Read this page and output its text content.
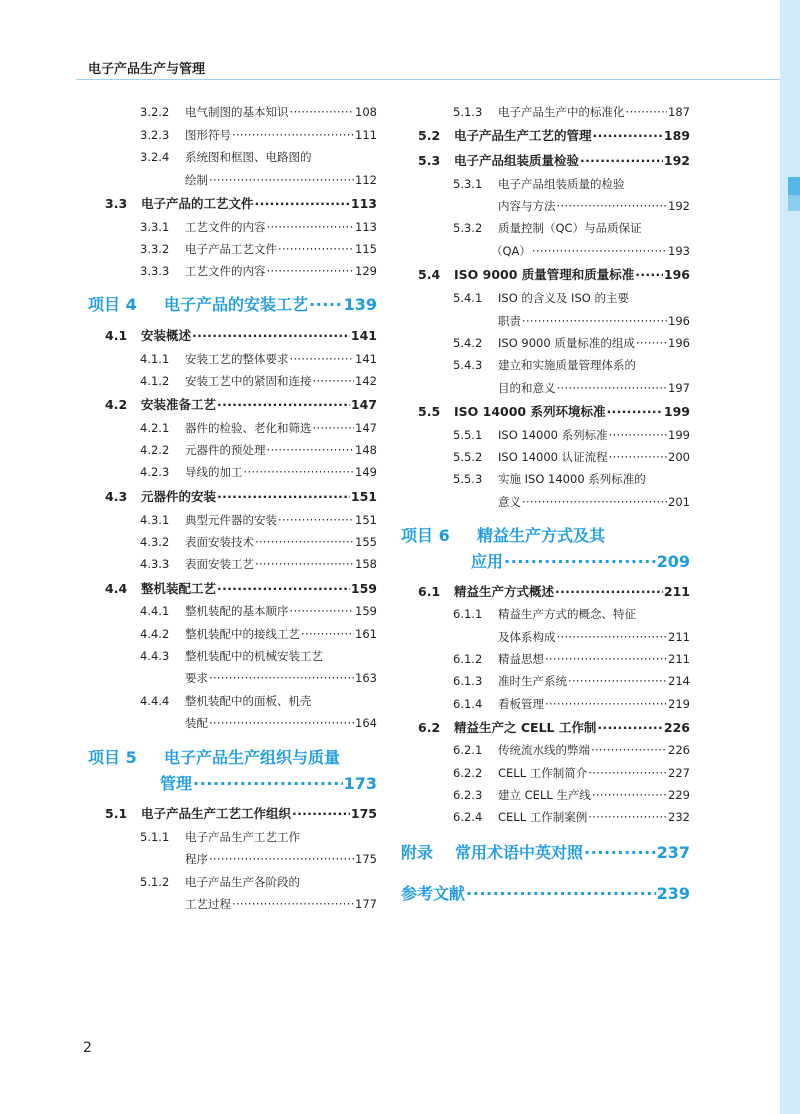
电子产品生产与管理
3.2.2	电气制图的基本知识 ·····	108
3.2.3	图形符号 ·····	111
3.2.4	系统图和框图、电路图的
绘制 ·····	112
3.3	电子产品的工艺文件 ·····	113
3.3.1	工艺文件的内容 ·····	113
3.3.2	电子产品工艺文件 ·····	115
3.3.3	工艺文件的内容 ·····	129
项目 4	电子产品的安装工艺 ····· 139
4.1	安装概述 ·····	141
4.1.1	安装工艺的整体要求 ·····	141
4.1.2	安装工艺中的紧固和连接 ·····	142
4.2	安装准备工艺 ·····	147
4.2.1	器件的检验、老化和筛选 ·····	147
4.2.2	元器件的预处理 ·····	148
4.2.3	导线的加工 ·····	149
4.3	元器件的安装 ·····	151
4.3.1	典型元件器的安装 ·····	151
4.3.2	表面安装技术 ·····	155
4.3.3	表面安装工艺 ·····	158
4.4	整机装配工艺 ·····	159
4.4.1	整机装配的基本顺序 ·····	159
4.4.2	整机装配中的接线工艺 ·····	161
4.4.3	整机装配中的机械安装工艺
要求 ·····	163
4.4.4	整机装配中的面板、机壳
装配 ·····	164
项目 5	电子产品生产组织与质量
管理 ·····	173
5.1	电子产品生产工艺工作组织 ·····	175
5.1.1	电子产品生产工艺工作
程序 ·····	175
5.1.2	电子产品生产各阶段的
工艺过程 ·····	177
5.1.3	电子产品生产中的标准化 ·····	187
5.2	电子产品生产工艺的管理 ·····	189
5.3	电子产品组装质量检验 ·····	192
5.3.1	电子产品组装质量的检验
内容与方法 ·····	192
5.3.2	质量控制（QC）与品质保证
（QA） ·····	193
5.4	ISO 9000 质量管理和质量标准 ····· 196
5.4.1	ISO 的含义及 ISO 的主要
职责 ·····	196
5.4.2	ISO 9000 质量标准的组成 ·····	196
5.4.3	建立和实施质量管理体系的
目的和意义 ·····	197
5.5	ISO 14000 系列环境标准 ·····	199
5.5.1	ISO 14000 系列标准 ·····	199
5.5.2	ISO 14000 认证流程 ·····	200
5.5.3	实施 ISO 14000 系列标准的
意义 ·····	201
项目 6	精益生产方式及其
应用 ·····	209
6.1	精益生产方式概述 ·····	211
6.1.1	精益生产方式的概念、特征
及体系构成 ·····	211
6.1.2	精益思想 ·····	211
6.1.3	准时生产系统 ·····	214
6.1.4	看板管理 ·····	219
6.2	精益生产之 CELL 工作制 ·····	226
6.2.1	传统流水线的弊端 ·····	226
6.2.2	CELL 工作制简介 ·····	227
6.2.3	建立 CELL 生产线 ·····	229
6.2.4	CELL 工作制案例 ·····	232
附录	常用术语中英对照 ·····	237
参考文献 ·····	239
2
